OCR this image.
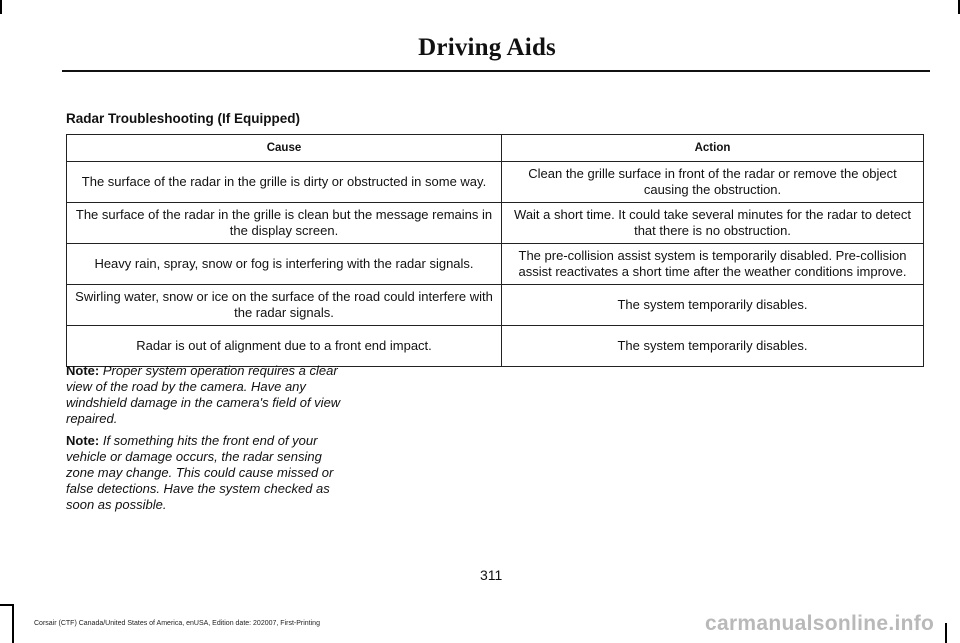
Driving Aids
Radar Troubleshooting (If Equipped)
Cause	Action
The surface of the radar in the grille is dirty or obstructed in some way.	Clean the grille surface in front of the radar or remove the object causing the obstruction.
The surface of the radar in the grille is clean but the message remains in the display screen.	Wait a short time. It could take several minutes for the radar to detect that there is no obstruction.
Heavy rain, spray, snow or fog is interfering with the radar signals.	The pre-collision assist system is temporarily disabled. Pre-collision assist reactivates a short time after the weather conditions improve.
Swirling water, snow or ice on the surface of the road could interfere with the radar signals.	The system temporarily disables.
Radar is out of alignment due to a front end impact.	The system temporarily disables.
Note: Proper system operation requires a clear view of the road by the camera. Have any windshield damage in the camera's field of view repaired.
Note: If something hits the front end of your vehicle or damage occurs, the radar sensing zone may change. This could cause missed or false detections. Have the system checked as soon as possible.
311
Corsair (CTF) Canada/United States of America, enUSA, Edition date: 202007, First-Printing	carmanualsonline.info
